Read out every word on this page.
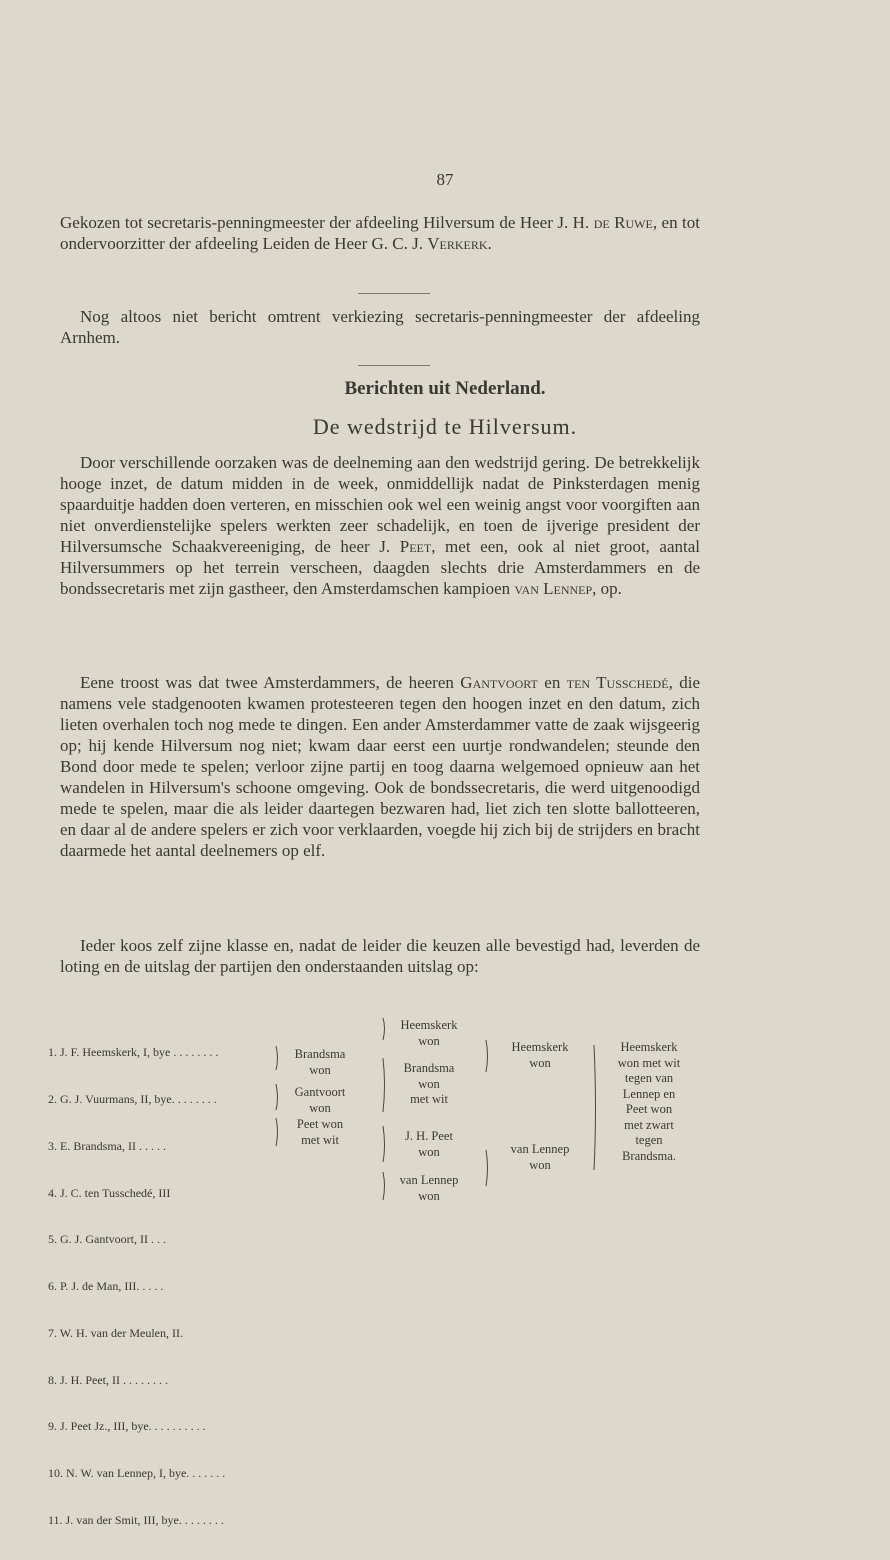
87

Gekozen tot secretaris-penningmeester der afdeeling Hilversum de Heer J. H. de Ruwe, en tot ondervoorzitter der afdeeling Leiden de Heer G. C. J. Verkerk.

Nog altoos niet bericht omtrent verkiezing secretaris-penningmeester der afdeeling Arnhem.

Berichten uit Nederland.
De wedstrijd te Hilversum.

Door verschillende oorzaken was de deelneming aan den wedstrijd gering. De betrekkelijk hooge inzet, de datum midden in de week, onmiddellijk nadat de Pinksterdagen menig spaarduitje hadden doen verteren, en misschien ook wel een weinig angst voor voorgiften aan niet onverdienstelijke spelers werkten zeer schadelijk, en toen de ijverige president der Hilversumsche Schaakvereeniging, de heer J. Peet, met een, ook al niet groot, aantal Hilversummers op het terrein verscheen, daagden slechts drie Amsterdammers en de bondssecretaris met zijn gastheer, den Amsterdamschen kampioen van Lennep, op.

Eene troost was dat twee Amsterdammers, de heeren Gantvoort en ten Tusschedé, die namens vele stadgenooten kwamen protesteeren tegen den hoogen inzet en den datum, zich lieten overhalen toch nog mede te dingen. Een ander Amsterdammer vatte de zaak wijsgeerig op; hij kende Hilversum nog niet; kwam daar eerst een uurtje rondwandelen; steunde den Bond door mede te spelen; verloor zijne partij en toog daarna welgemoed opnieuw aan het wandelen in Hilversum's schoone omgeving. Ook de bondssecretaris, die werd uitgenoodigd mede te spelen, maar die als leider daartegen bezwaren had, liet zich ten slotte ballotteeren, en daar al de andere spelers er zich voor verklaarden, voegde hij zich bij de strijders en bracht daarmede het aantal deelnemers op elf.

Ieder koos zelf zijne klasse en, nadat de leider die keuzen alle bevestigd had, leverden de loting en de uitslag der partijen den onderstaanden uitslag op:

1. J. F. Heemskerk, I, bye . . . . . . . .

2. G. J. Vuurmans, II, bye. . . . . . . .

3. E. Brandsma, II . . . . .

4. J. C. ten Tusschedé, III

5. G. J. Gantvoort, II . . .

6. P. J. de Man, III. . . . .

7. W. H. van der Meulen, II.

8. J. H. Peet, II . . . . . . . .

9. J. Peet Jz., III, bye. . . . . . . . . .

10. N. W. van Lennep, I, bye. . . . . . .

11. J. van der Smit, III, bye. . . . . . . .

Brandsma
won
Gantvoort
won
Peet won
met wit
Heemskerk
won
Brandsma
won
met wit
J. H. Peet
won
van Lennep
won
Heemskerk
won
van Lennep
won
Heemskerk
won met wit
tegen van
Lennep en
Peet won
met zwart
tegen
Brandsma.
